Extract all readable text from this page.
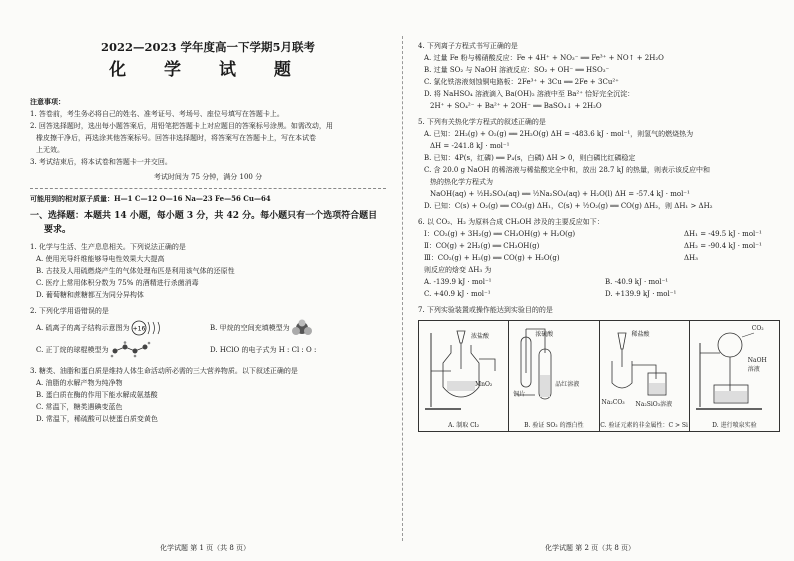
2022—2023 学年度高一下学期5月联考
化 学 试 题
注意事项：
1. 答卷前，考生务必将自己的姓名、准考证号、考场号、座位号填写在答题卡上。
2. 回答选择题时，选出每小题答案后，用铅笔把答题卡上对应题目的答案标号涂黑。如需改动，用
橡皮擦干净后，再选涂其他答案标号。回答非选择题时，将答案写在答题卡上，写在本试卷
上无效。
3. 考试结束后，将本试卷和答题卡一并交回。
考试时间为 75 分钟，满分 100 分
可能用到的相对原子质量：H—1 C—12 O—16 Na—23 Fe—56 Cu—64
一、选择题：本题共 14 小题，每小题 3 分，共 42 分。每小题只有一个选项符合题目
要求。
1. 化学与生活、生产息息相关。下列说法正确的是
A. 使用光导纤维能够导电性效果大大提高
B. 古技及人用硫燃烧产生的气体处理布匹是利用该气体的还原性
C. 医疗上常用体积分数为 75% 的酒精进行杀菌消毒
D. 葡萄糖和蔗糖都互为同分异构体
2. 下列化学用语错误的是
A. 硫离子的离子结构示意图为 +16	B. 甲烷的空间充填模型为
C. 正丁烷的球棍模型为	D. HClO 的电子式为 H : Cl : O :
3. 糖类、油脂和蛋白质是维持人体生命活动所必需的三大营养物质。以下叙述正确的是
A. 油脂的水解产物为纯净物
B. 蛋白质在酶的作用下能水解成氨基酸
C. 常温下，糖类遇碘变蓝色
D. 常温下，稀硫酸可以使蛋白质变黄色
4. 下列离子方程式书写正确的是
A. 过量 Fe 粉与稀硝酸反应：Fe + 4H⁺ + NO₃⁻ ══ Fe³⁺ + NO↑ + 2H₂O
B. 过量 SO₂ 与 NaOH 溶液反应：SO₂ + OH⁻ ══ HSO₃⁻
C. 氯化铁溶液刻蚀铜电路板：2Fe³⁺ + 3Cu ══ 2Fe + 3Cu²⁺
D. 将 NaHSO₄ 溶液滴入 Ba(OH)₂ 溶液中至 Ba²⁺ 恰好完全沉淀：
2H⁺ + SO₄²⁻ + Ba²⁺ + 2OH⁻ ══ BaSO₄↓ + 2H₂O
5. 下列有关热化学方程式的叙述正确的是
A. 已知：2H₂(g) + O₂(g) ══ 2H₂O(g) ΔH = -483.6 kJ · mol⁻¹，则氢气的燃烧热为
ΔH = -241.8 kJ · mol⁻¹
B. 已知：4P(s，红磷) ══ P₄(s，白磷) ΔH > 0，则白磷比红磷稳定
C. 含 20.0 g NaOH 的稀溶液与稀盐酸完全中和，放出 28.7 kJ 的热量，则表示该反应中和
热的热化学方程式为
NaOH(aq) + ½H₂SO₄(aq) ══ ½Na₂SO₄(aq) + H₂O(l) ΔH = -57.4 kJ · mol⁻¹
D. 已知：C(s) + O₂(g) ══ CO₂(g) ΔH₁，C(s) + ½O₂(g) ══ CO(g) ΔH₂，则 ΔH₁ > ΔH₂
6. 以 CO₂、H₂ 为原料合成 CH₃OH 涉及的主要反应如下：
Ⅰ：CO₂(g) + 3H₂(g) ══ CH₃OH(g) + H₂O(g)	ΔH₁ = -49.5 kJ · mol⁻¹
Ⅱ：CO(g) + 2H₂(g) ══ CH₃OH(g)	ΔH₂ = -90.4 kJ · mol⁻¹
Ⅲ：CO₂(g) + H₂(g) ══ CO(g) + H₂O(g)	ΔH₃
则反应的焓变 ΔH₃ 为
A. -139.9 kJ · mol⁻¹	B. -40.9 kJ · mol⁻¹
C. +40.9 kJ · mol⁻¹	D. +139.9 kJ · mol⁻¹
7. 下列实验装置或操作能达到实验目的的是
浓盐酸
MnO₂
A. 制取 Cl₂
浓硫酸
铜片
品红溶液
B. 验证 SO₂ 的漂白性
稀盐酸
Na₂CO₃ Na₂SiO₃溶液
C. 验证元素的非金属性：C > Si
CO₂
NaOH溶液
D. 进行喷泉实验
化学试题 第 1 页（共 8 页）	化学试题 第 2 页（共 8 页）
